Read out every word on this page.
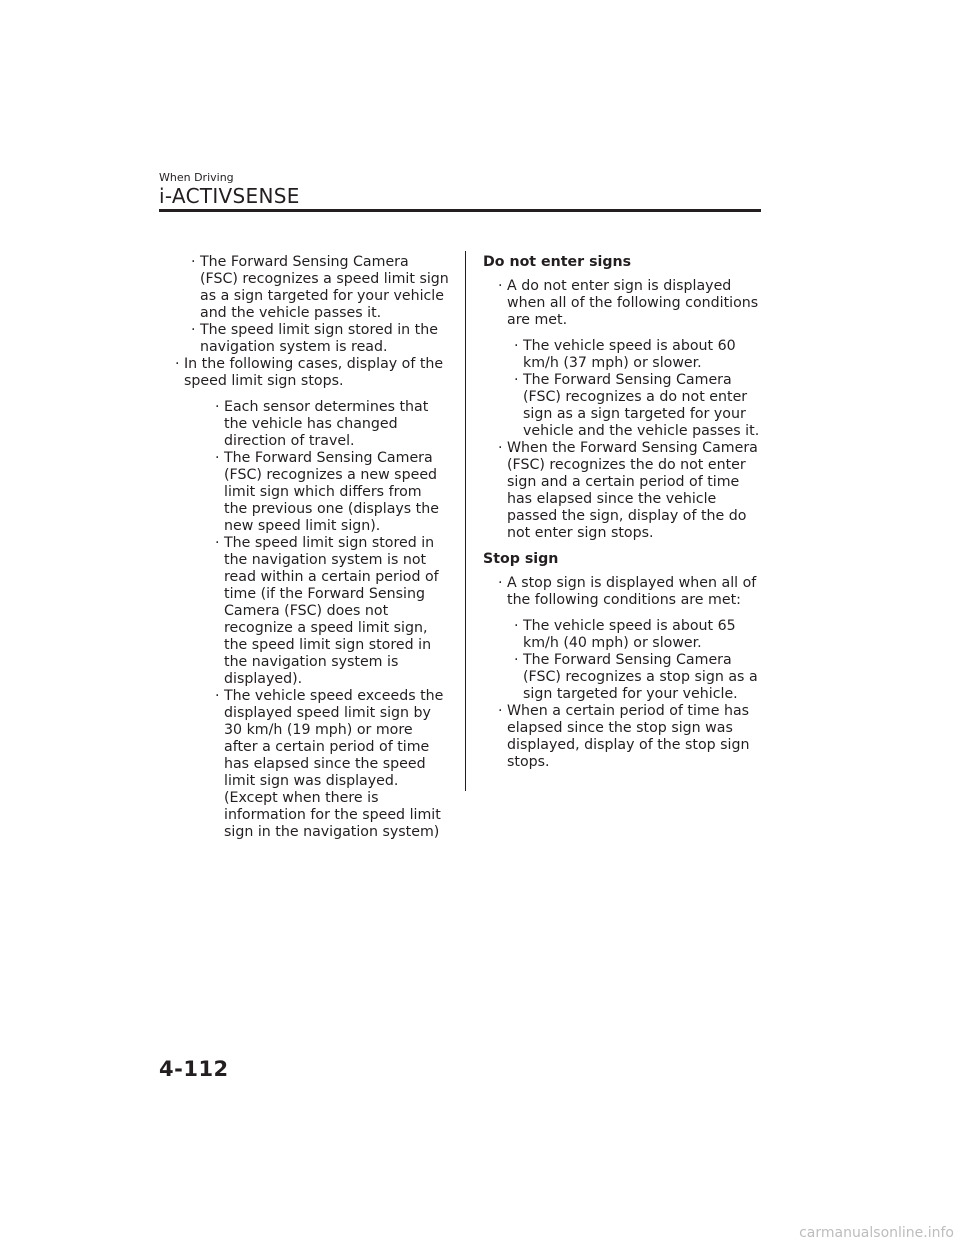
When Driving
i-ACTIVSENSE
· The Forward Sensing Camera (FSC) recognizes a speed limit sign as a sign targeted for your vehicle and the vehicle passes it.
· The speed limit sign stored in the navigation system is read.
· In the following cases, display of the speed limit sign stops.
· Each sensor determines that the vehicle has changed direction of travel.
· The Forward Sensing Camera (FSC) recognizes a new speed limit sign which differs from the previous one (displays the new speed limit sign).
· The speed limit sign stored in the navigation system is not read within a certain period of time (if the Forward Sensing Camera (FSC) does not recognize a speed limit sign, the speed limit sign stored in the navigation system is displayed).
· The vehicle speed exceeds the displayed speed limit sign by 30 km/h (19 mph) or more after a certain period of time has elapsed since the speed limit sign was displayed. (Except when there is information for the speed limit sign in the navigation system)
Do not enter signs
· A do not enter sign is displayed when all of the following conditions are met.
· The vehicle speed is about 60 km/h (37 mph) or slower.
· The Forward Sensing Camera (FSC) recognizes a do not enter sign as a sign targeted for your vehicle and the vehicle passes it.
· When the Forward Sensing Camera (FSC) recognizes the do not enter sign and a certain period of time has elapsed since the vehicle passed the sign, display of the do not enter sign stops.
Stop sign
· A stop sign is displayed when all of the following conditions are met:
· The vehicle speed is about 65 km/h (40 mph) or slower.
· The Forward Sensing Camera (FSC) recognizes a stop sign as a sign targeted for your vehicle.
· When a certain period of time has elapsed since the stop sign was displayed, display of the stop sign stops.
4-112
carmanualsonline.info
